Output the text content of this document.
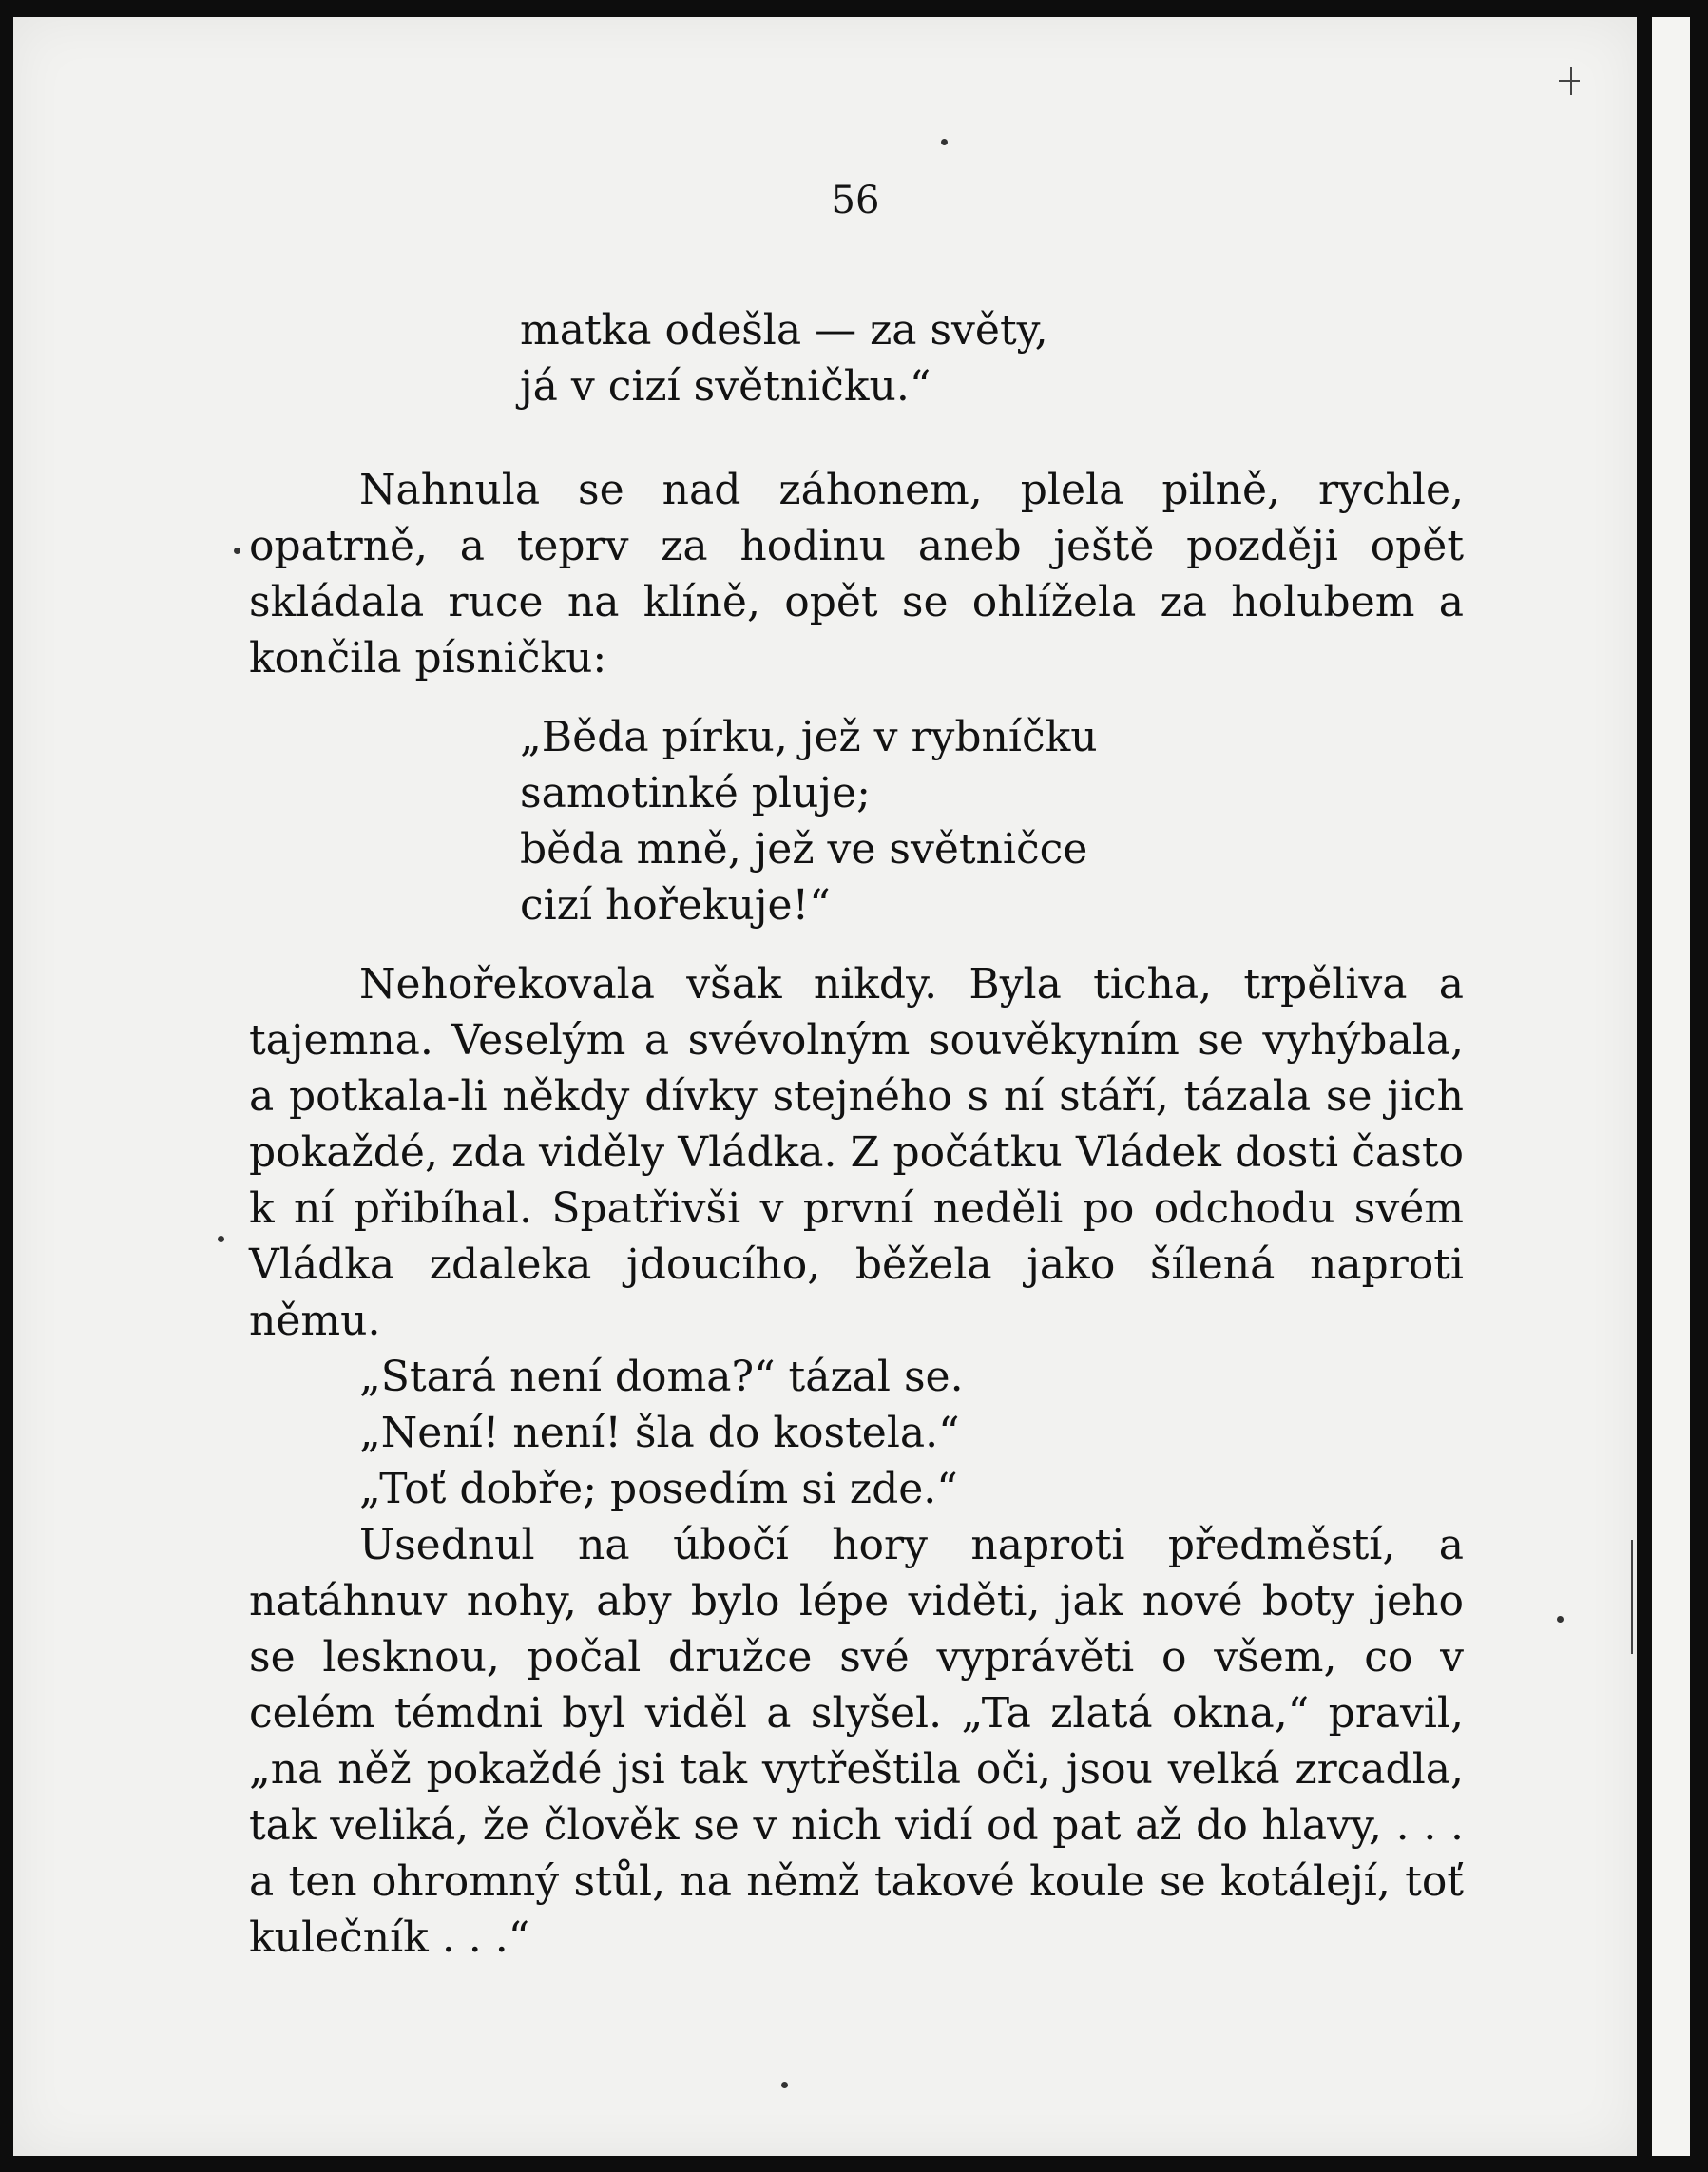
56
matka odešla — za světy,
já v cizí světničku.“

Nahnula se nad záhonem, plela pilně, rychle, opatrně, a teprv za hodinu aneb ještě později opět skládala ruce na klíně, opět se ohlížela za holubem a končila písničku:

„Běda pírku, jež v rybníčku
samotinké pluje;
běda mně, jež ve světničce
cizí hořekuje!“

Nehořekovala však nikdy. Byla ticha, trpěliva a tajemna. Veselým a svévolným souvěkyním se vyhýbala, a potkala-li někdy dívky stejného s ní stáří, tázala se jich pokaždé, zda viděly Vládka. Z počátku Vládek dosti často k ní přibíhal. Spatřivši v první neděli po odchodu svém Vládka zdaleka jdoucího, běžela jako šílená naproti němu.

„Stará není doma?“ tázal se.

„Není! není! šla do kostela.“

„Toť dobře; posedím si zde.“

Usednul na úbočí hory naproti předměstí, a natáhnuv nohy, aby bylo lépe viděti, jak nové boty jeho se lesknou, počal družce své vyprávěti o všem, co v celém témdni byl viděl a slyšel. „Ta zlatá okna,“ pravil, „na něž pokaždé jsi tak vytřeštila oči, jsou velká zrcadla, tak veliká, že člověk se v nich vidí od pat až do hlavy, . . . a ten ohromný stůl, na němž takové koule se kotálejí, toť kulečník . . .“
